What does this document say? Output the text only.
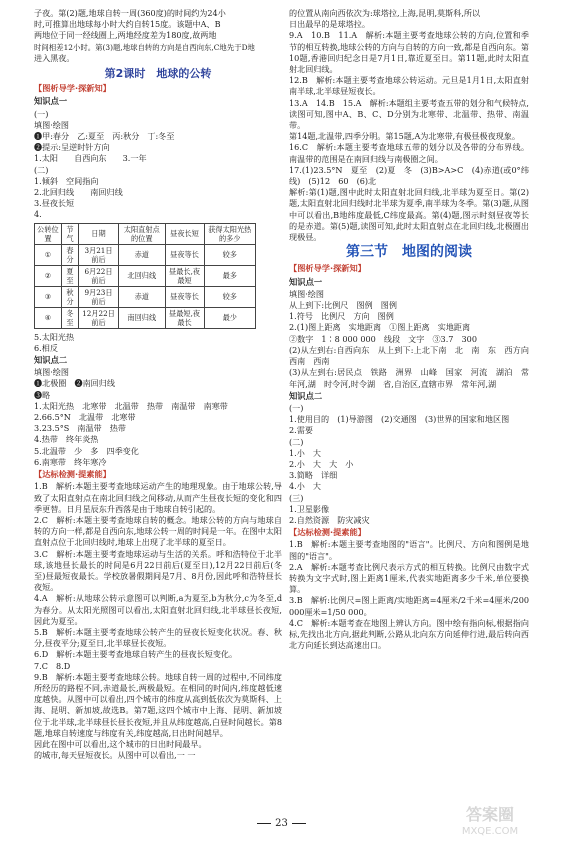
子夜。第(2)题,地球自转一周(360度)的时间约为24小
时,可推算出地球每小时大约自转15度。该题中A、B
两地位于同一经线圈上,两地经度差为180度,故两地
时间相差12小时。第(3)题,地球自转的方向是自西向东,C地先于D地
进入黑夜。
第2课时　地球的公转
【 图析导学·探新知 】
知识点一
(一)
填图·绘图
❶甲:春分　乙:夏至　丙:秋分　丁:冬至
❷提示:呈逆时针方向
1.太阳　　自西向东　　3.一年
(二)
1.倾斜　空间指向
2.北回归线　　南回归线
3.昼夜长短
4.
公转位置	节气	日期	太阳直射点的位置	昼夜长短	获得太阳光热的多少
①	春分	3月21日前后	赤道	昼夜等长	较多
②	夏至	6月22日前后	北回归线	昼最长,夜最短	最多
③	秋分	9月23日前后	赤道	昼夜等长	较多
④	冬至	12月22日前后	南回归线	昼最短,夜最长	最少
5.太阳光热
6.相反
知识点二
填图·绘图
❶北极圈　❷南回归线
❸略
1.太阳光热　北寒带　北温带　热带　南温带　南寒带
2.66.5°N　北温带　北寒带
3.23.5°S　南温带　热带
4.热带　终年炎热
5.北温带　少　多　四季变化
6.南寒带　终年寒冷
【 达标检测·提素能 】

1.B　解析:本题主要考查地球运动产生的地理现象。由于地球公转,导致了太阳直射点在南北回归线之间移动,从而产生昼夜长短的变化和四季更替。日月星辰东升西落是由于地球自转引起的。

2.C　解析:本题主要考查地球自转的概念。地球公转的方向与地球自转的方向一样,都是自西向东,地球公转一周的时间是一年。在图中太阳直射点位于北回归线时,地球上出现了北半球的夏至日。

3.C　解析:本题主要考查地球运动与生活的关系。呼和浩特位于北半球,该地昼长最长的时间是6月22日前后(夏至日),12月22日前后(冬至)昼最短夜最长。学校放暑假期间是7月、8月份,因此呼和浩特昼长夜短。

4.A　解析:从地球公转示意图可以判断,a为夏至,b为秋分,c为冬至,d为春分。从太阳光照图可以看出,太阳直射北回归线,北半球昼长夜短,因此为夏至。

5.B　解析:本题主要考查地球公转产生的昼夜长短变化状况。春、秋分,昼夜平分;夏至日,北半球昼长夜短。

6.D　解析:本题主要考查地球自转产生的昼夜长短变化。

7.C　8.D

9.B　解析:本题主要考查地球公转。地球自转一周的过程中,不同纬度所经历的路程不同,赤道最长,两极最短。在相同的时间内,纬度越低速度越快。从图中可以看出,四个城市的纬度从高到低依次为莫斯科、上海、昆明、新加坡,故选B。第7题,这四个城市中上海、昆明、新加坡位于北半球,北半球昼长昼长夜短,并且从纬度越高,白昼时间越长。第8题,地球自转速度与纬度有关,纬度越高,日出时间越早。

因此在图中可以看出,这个城市的日出时间最早。

的城市,每天昼短夜长。从图中可以看出,一 一
的位置从南向西依次为:球塔拉,上海,昆明,莫斯科,所以
日出最早的是球塔拉。

9.A　10.B　11.A　解析:本题主要考查地球公转的方向,位置和季节的相互转换,地球公转的方向与自转的方向一致,都是自西向东。第10题,香港回归纪念日是7月1日,靠近夏至日。第11题,此时太阳直射北回归线。

12.B　解析:本题主要考查地球公转运动。元旦是1月1日,太阳直射南半球,北半球昼短夜长。

13.A　14.B　15.A　解析:本题组主要考查五带的划分和气候特点,读图可知,图中A、B、C、D分别为北寒带、北温带、热带、南温带。

第14题,北温带,四季分明。第15题,A为北寒带,有极昼极夜现象。

16.C　解析:本题主要考查地球五带的划分以及各带的分布界线。南温带的范围是在南回归线与南极圈之间。

17.(1)23.5°N　夏至　(2)夏　冬　(3)B>A>C　(4)赤道(或0°纬线)　(5)12　60　(6)北

解析:第(1)题,图中此时太阳直射北回归线,北半球为夏至日。第(2)题,太阳直射北回归线时北半球为夏季,南半球为冬季。第(3)题,从图中可以看出,B地纬度最低,C纬度最高。第(4)题,图示时刻昼夜等长的是赤道。第(5)题,读图可知,此时太阳直射点在北回归线,北极圈出现极昼。

第三节　地图的阅读
【 图析导学·探新知 】
知识点一

填图·绘图

从上到下:比例尺　图例　图例

1.符号　比例尺　方向　图例

2.(1)图上距离　实地距离　①图上距离　实地距离

②数字　1∶8 000 000　线段　文字　③3.7　300

(2)从左到右:自西向东　从上到下:上北下南　北　南　东　西方向　西南　西南

(3)从左到右:居民点　铁路　洲界　山峰　国家　河流　湖泊　常年河,湖　时令河,时令湖　省,自治区,直辖市界　常年河,湖

知识点二

(一)

1.使用目的　(1)导游图　(2)交通图　(3)世界的国家和地区图

2.需要

(二)

1.小　大

2.小　大　大　小

3.简略　详细

4.小　大

(三)

1.卫星影像

2.自然资源　防灾减灾

【 达标检测·提素能 】

1.B　解析:本题主要考查地图的"语言"。比例尺、方向和图例是地图的"语言"。

2.A　解析:本题考查比例尺表示方式的相互转换。比例尺由数字式转换为文字式时,图上距离1厘米,代表实地距离多少千米,单位要换算。

3.B　解析:比例尺=图上距离/实地距离=4厘米/2千米=4厘米/200 000厘米=1/50 000。

4.C　解析:本题考查在地图上辨认方向。图中绘有指向标,根据指向标,先找出北方向,据此判断,公路从北向东方向延伸行进,最后转向西北方向延长到达高速出口。

23	答案圈
MXQE.COM
